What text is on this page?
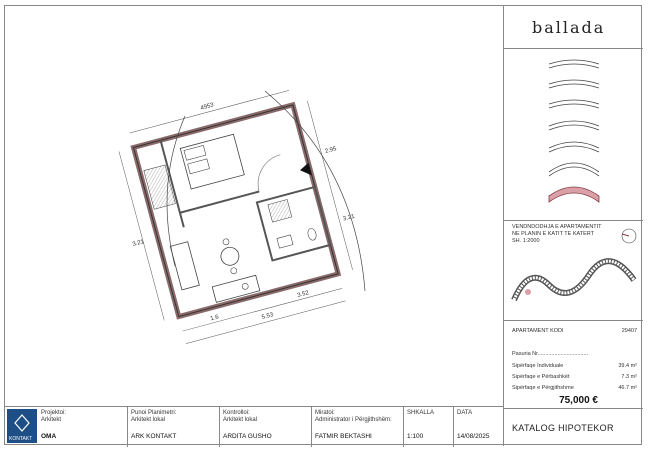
4953
3.21
5.53
1.6
3.52
2.95
3.21
ballada
VENDNDODHJA E APARTAMENTIT
NE PLANIN E KATIT TE KATERT
SH. 1:2000
APARTAMENT KODI	29407
Pasuria Nr.................................
Sipërfaqe Individuale	39.4 m²
Sipërfaqe e Përbashkët	7.3 m²
Sipërfaqe e Përgjithshme	46.7 m²
75,000 €
KATALOG HIPOTEKOR
KONTAKT
Projektoi:
Arkitekt
OMA
Punoi Planimetri:
Arkitekt lokal
ARK KONTAKT
Kontrolloi:
Arkitekt lokal
ARDITA GUSHO
Miratoi:
Administrator i Përgjithshëm:
FATMIR BEKTASHI
SHKALLA
1:100
DATA
14/08/2025
